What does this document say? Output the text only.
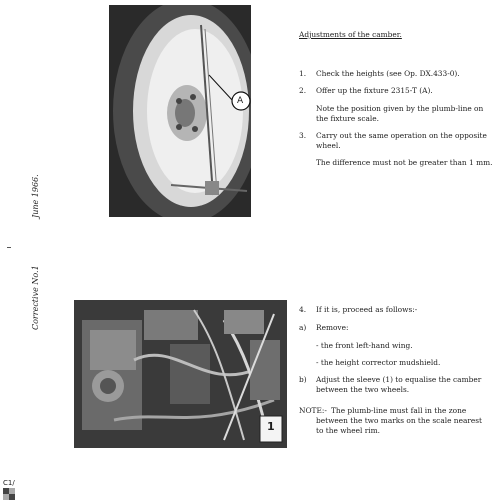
A
June 1966.
Corrective No.1
Adjustments of the camber.
1. Check the heights (see Op. DX.433-0).
2. Offer up the fixture 2315-T (A).
Note the position given by the plumb-line on
the fixture scale.
3. Carry out the same operation on the opposite
wheel.
The difference must not be greater than 1 mm.
1
4. If it is, proceed as follows:-
a) Remove:
- the front left-hand wing.
- the height corrector mudshield.
b) Adjust the sleeve (1) to equalise the camber
between the two wheels.
NOTE:- The plumb-line must fall in the zone
between the two marks on the scale nearest
to the wheel rim.
C1/
